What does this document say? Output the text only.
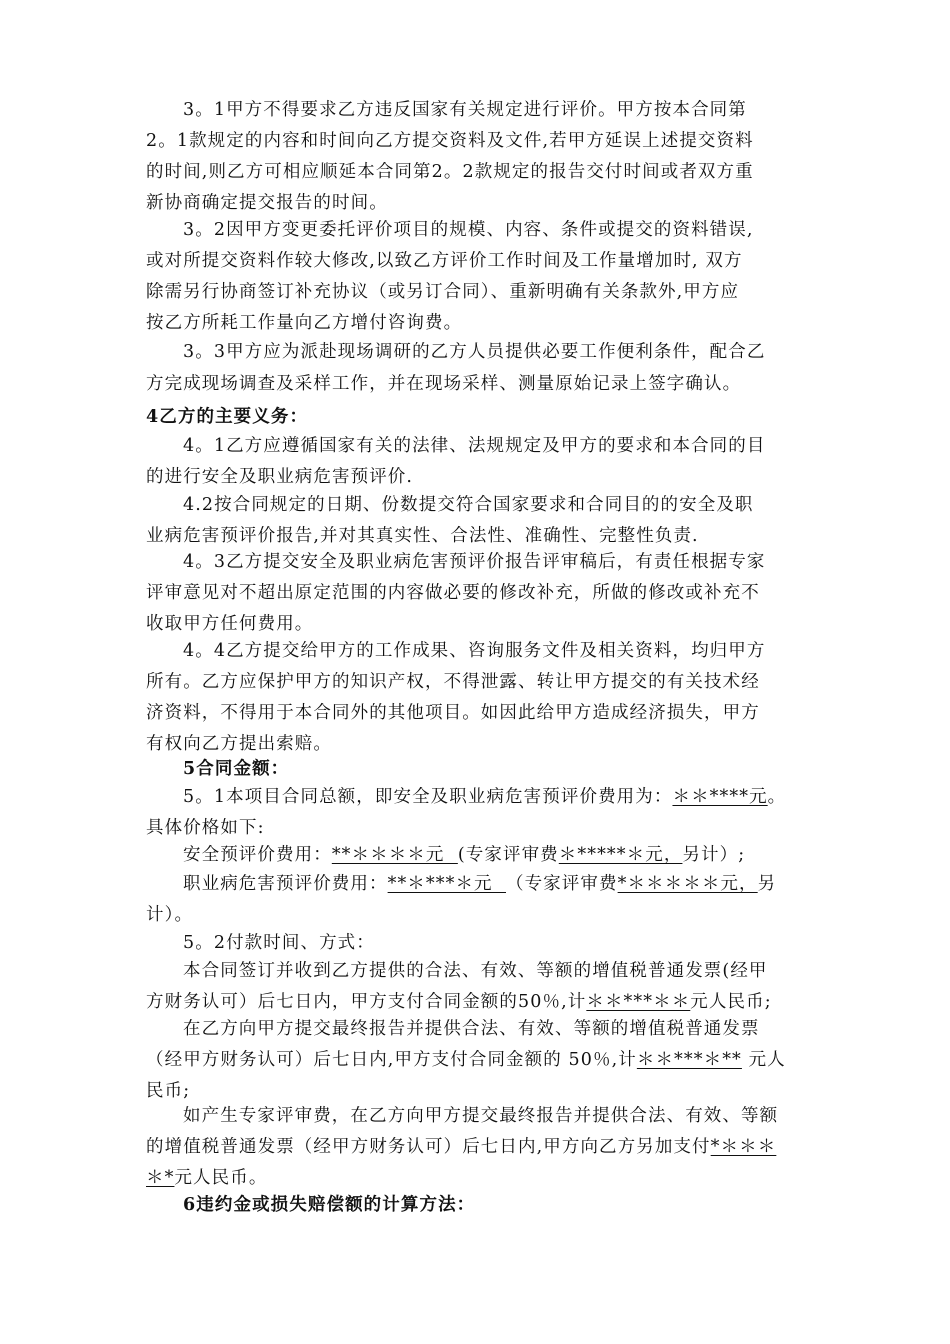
3。1甲方不得要求乙方违反国家有关规定进行评价。甲方按本合同第
2。1款规定的内容和时间向乙方提交资料及文件,若甲方延误上述提交资料
的时间,则乙方可相应顺延本合同第2。2款规定的报告交付时间或者双方重
新协商确定提交报告的时间。
3。2因甲方变更委托评价项目的规模、内容、条件或提交的资料错误,
或对所提交资料作较大修改,以致乙方评价工作时间及工作量增加时, 双方
除需另行协商签订补充协议（或另订合同）、重新明确有关条款外,甲方应
按乙方所耗工作量向乙方增付咨询费。
3。3甲方应为派赴现场调研的乙方人员提供必要工作便利条件，配合乙
方完成现场调查及采样工作，并在现场采样、测量原始记录上签字确认。
4乙方的主要义务：
4。1乙方应遵循国家有关的法律、法规规定及甲方的要求和本合同的目
的进行安全及职业病危害预评价.
4.2按合同规定的日期、份数提交符合国家要求和合同目的的安全及职
业病危害预评价报告,并对其真实性、合法性、准确性、完整性负责.
4。3乙方提交安全及职业病危害预评价报告评审稿后，有责任根据专家
评审意见对不超出原定范围的内容做必要的修改补充，所做的修改或补充不
收取甲方任何费用。
4。4乙方提交给甲方的工作成果、咨询服务文件及相关资料，均归甲方
所有。乙方应保护甲方的知识产权，不得泄露、转让甲方提交的有关技术经
济资料，不得用于本合同外的其他项目。如因此给甲方造成经济损失，甲方
有权向乙方提出索赔。
5合同金额：
5。1本项目合同总额，即安全及职业病危害预评价费用为：＊＊****元。
具体价格如下:
安全预评价费用：**＊＊＊＊元  (专家评审费＊*****＊元，另计）;
职业病危害预评价费用：**＊***＊元  （专家评审费*＊＊＊＊＊元，另
计）。
5。2付款时间、方式：
本合同签订并收到乙方提供的合法、有效、等额的增值税普通发票(经甲
方财务认可）后七日内，甲方支付合同金额的50％,计＊＊***＊＊元人民币;
在乙方向甲方提交最终报告并提供合法、有效、等额的增值税普通发票
（经甲方财务认可）后七日内,甲方支付合同金额的 50％,计＊＊***＊** 元人
民币;
如产生专家评审费，在乙方向甲方提交最终报告并提供合法、有效、等额
的增值税普通发票（经甲方财务认可）后七日内,甲方向乙方另加支付*＊＊＊
＊*元人民币。
6违约金或损失赔偿额的计算方法：
